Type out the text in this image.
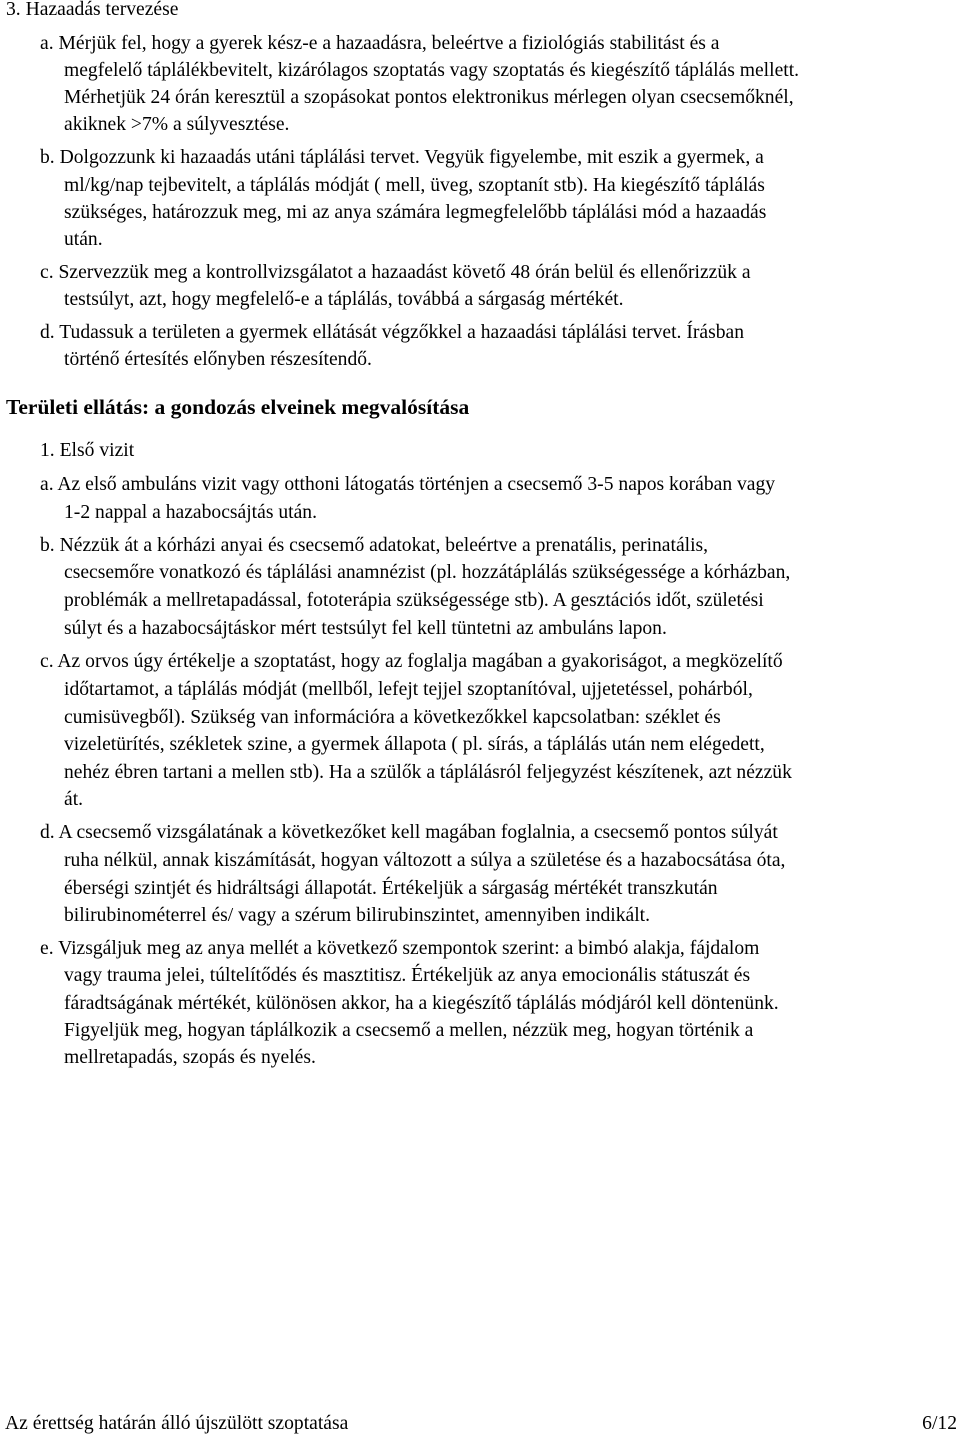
3. Hazaadás tervezése
a. Mérjük fel, hogy a gyerek kész-e a hazaadásra, beleértve a fiziológiás stabilitást és a
megfelelő táplálékbevitelt, kizárólagos szoptatás vagy szoptatás és kiegészítő táplálás mellett.
Mérhetjük 24 órán keresztül a szopásokat pontos elektronikus mérlegen olyan csecsemőknél,
akiknek >7% a súlyvesztése.
b. Dolgozzunk ki hazaadás utáni táplálási tervet. Vegyük figyelembe, mit eszik a gyermek, a
ml/kg/nap tejbevitelt, a táplálás módját ( mell, üveg, szoptanít stb). Ha kiegészítő táplálás
szükséges, határozzuk meg, mi az anya számára legmegfelelőbb táplálási mód a hazaadás
után.
c. Szervezzük meg a kontrollvizsgálatot a hazaadást követő 48 órán belül és ellenőrizzük a
testsúlyt, azt, hogy megfelelő-e a táplálás, továbbá a sárgaság mértékét.
d. Tudassuk a területen a gyermek ellátását végzőkkel a hazaadási táplálási tervet. Írásban
történő értesítés előnyben részesítendő.
Területi ellátás: a gondozás elveinek megvalósítása
1. Első vizit
a. Az első ambuláns vizit vagy otthoni látogatás történjen a csecsemő 3-5 napos korában vagy
1-2 nappal a hazabocsájtás után.
b. Nézzük át a kórházi anyai és csecsemő adatokat, beleértve a prenatális, perinatális,
csecsemőre vonatkozó és táplálási anamnézist (pl. hozzátáplálás szükségessége a kórházban,
problémák a mellretapadással, fototerápia szükségessége stb). A gesztációs időt, születési
súlyt és a hazabocsájtáskor mért testsúlyt fel kell tüntetni az ambuláns lapon.
c. Az orvos úgy értékelje a szoptatást, hogy az foglalja magában a gyakoriságot, a megközelítő
időtartamot, a táplálás módját (mellből, lefejt tejjel szoptanítóval, ujjetetéssel, pohárból,
cumisüvegből). Szükség van információra a következőkkel kapcsolatban: széklet és
vizeletürítés, székletek szine, a gyermek állapota ( pl. sírás, a táplálás után nem elégedett,
nehéz ébren tartani a mellen stb). Ha a szülők a táplálásról feljegyzést készítenek, azt nézzük
át.
d. A csecsemő vizsgálatának a következőket kell magában foglalnia, a csecsemő pontos súlyát
ruha nélkül, annak kiszámítását, hogyan változott a súlya a születése és a hazabocsátása óta,
éberségi szintjét és hidráltsági állapotát. Értékeljük a sárgaság mértékét transzkután
bilirubinométerrel és/ vagy a szérum bilirubinszintet, amennyiben indikált.
e. Vizsgáljuk meg az anya mellét a következő szempontok szerint: a bimbó alakja, fájdalom
vagy trauma jelei, túltelítődés és masztitisz. Értékeljük az anya emocionális státuszát és
fáradtságának mértékét, különösen akkor, ha a kiegészítő táplálás módjáról kell döntenünk.
Figyeljük meg, hogyan táplálkozik a csecsemő a mellen, nézzük meg, hogyan történik a
mellretapadás, szopás és nyelés.
Az érettség határán álló újszülött szoptatása	6/12
